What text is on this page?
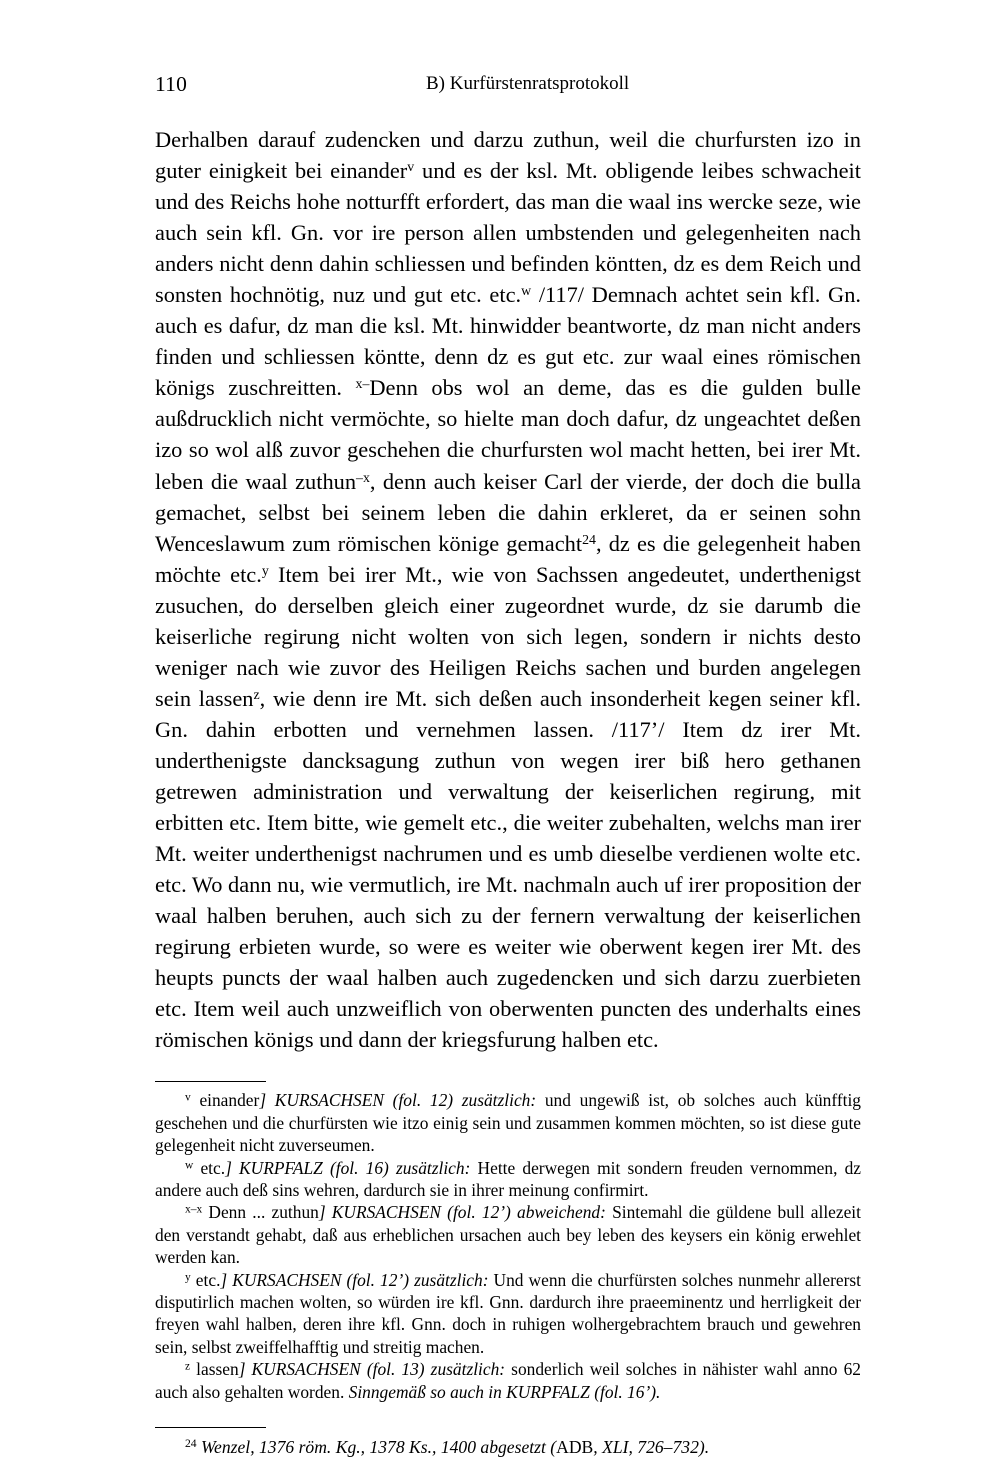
110	B) Kurfürstenratsprotokoll

Derhalben darauf zudencken und darzu zuthun, weil die churfursten izo in guter einigkeit bei einander$^v$ und es der ksl. Mt. obligende leibes schwacheit und des Reichs hohe notturfft erfordert, das man die waal ins wercke seze, wie auch sein kfl. Gn. vor ire person allen umbstenden und gelegenheiten nach anders nicht denn dahin schliessen und befinden köntten, dz es dem Reich und sonsten hochnötig, nuz und gut etc. etc.$^w$ /117/ Demnach achtet sein kfl. Gn. auch es dafur, dz man die ksl. Mt. hinwidder beantworte, dz man nicht anders finden und schliessen köntte, denn dz es gut etc. zur waal eines römischen königs zuschreitten. $^{x-}$Denn obs wol an deme, das es die gulden bulle außdrucklich nicht vermöchte, so hielte man doch dafur, dz ungeachtet deßen izo so wol alß zuvor geschehen die churfursten wol macht hetten, bei irer Mt. leben die waal zuthun$^{-x}$, denn auch keiser Carl der vierde, der doch die bulla gemachet, selbst bei seinem leben die dahin erkleret, da er seinen sohn Wenceslawum zum römischen könige gemacht$^{24}$, dz es die gelegenheit haben möchte etc.$^y$ Item bei irer Mt., wie von Sachssen angedeutet, underthenigst zusuchen, do derselben gleich einer zugeordnet wurde, dz sie darumb die keiserliche regirung nicht wolten von sich legen, sondern ir nichts desto weniger nach wie zuvor des Heiligen Reichs sachen und burden angelegen sein lassen$^z$, wie denn ire Mt. sich deßen auch insonderheit kegen seiner kfl. Gn. dahin erbotten und vernehmen lassen. /117’/ Item dz irer Mt. underthenigste dancksagung zuthun von wegen irer biß hero gethanen getrewen administration und verwaltung der keiserlichen regirung, mit erbitten etc. Item bitte, wie gemelt etc., die weiter zubehalten, welchs man irer Mt. weiter underthenigst nachrumen und es umb dieselbe verdienen wolte etc. etc. Wo dann nu, wie vermutlich, ire Mt. nachmaln auch uf irer proposition der waal halben beruhen, auch sich zu der fernern verwaltung der keiserlichen regirung erbieten wurde, so were es weiter wie oberwent kegen irer Mt. des heupts puncts der waal halben auch zugedencken und sich darzu zuerbieten etc. Item weil auch unzweiflich von oberwenten puncten des underhalts eines römischen königs und dann der kriegsfurung halben etc.

$^v$ einander] KURSACHSEN (fol. 12) zusätzlich: und ungewiß ist, ob solches auch künfftig geschehen und die churfürsten wie itzo einig sein und zusammen kommen möchten, so ist diese gute gelegenheit nicht zuverseumen.

$^w$ etc.] KURPFALZ (fol. 16) zusätzlich: Hette derwegen mit sondern freuden vernommen, dz andere auch deß sins wehren, dardurch sie in ihrer meinung confirmirt.

$^{x-x}$ Denn ... zuthun] KURSACHSEN (fol. 12’) abweichend: Sintemahl die güldene bull allezeit den verstandt gehabt, daß aus erheblichen ursachen auch bey leben des keysers ein könig erwehlet werden kan.

$^y$ etc.] KURSACHSEN (fol. 12’) zusätzlich: Und wenn die churfürsten solches nunmehr allererst disputirlich machen wolten, so würden ire kfl. Gnn. dardurch ihre praeeminentz und herrligkeit der freyen wahl halben, deren ihre kfl. Gnn. doch in ruhigen wolhergebrachtem brauch und gewehren sein, selbst zweiffelhafftig und streitig machen.

$^z$ lassen] KURSACHSEN (fol. 13) zusätzlich: sonderlich weil solches in nähister wahl anno 62 auch also gehalten worden. Sinngemäß so auch in KURPFALZ (fol. 16’).

$^{24}$ Wenzel, 1376 röm. Kg., 1378 Ks., 1400 abgesetzt (ADB, XLI, 726–732).
